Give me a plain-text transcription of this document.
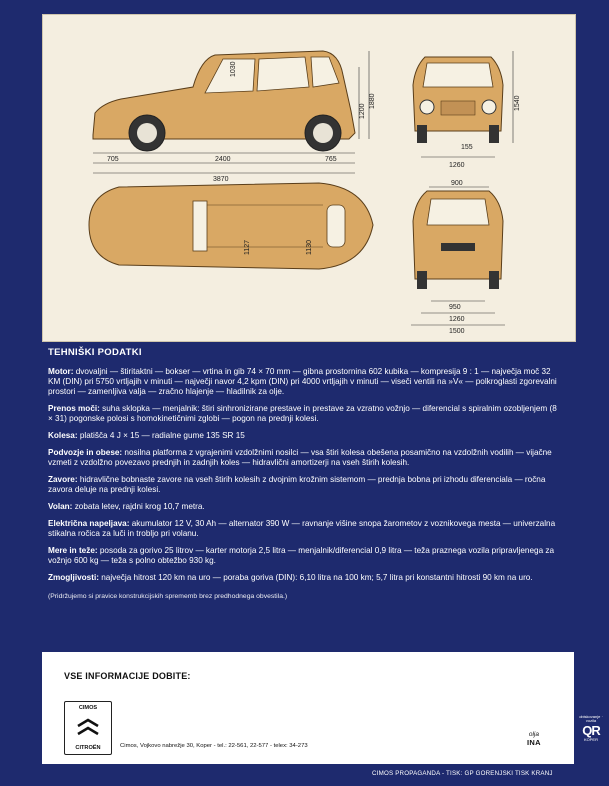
705	2400	765
3870
1030
1880
1200
1540
155
1260
1127	1130
900
950
1260
1500
TEHNIŠKI PODATKI
Motor: dvovaljni — štiritaktni — bokser — vrtina in gib 74 × 70 mm — gibna prostornina 602 kubika — kompresija 9 : 1 — največja moč 32 KM (DIN) pri 5750 vrtljajih v minuti — največji navor 4,2 kpm (DIN) pri 4000 vrtljajih v minuti — viseči ventili na »V« — polkroglasti zgorevalni prostori — zamenljiva valja — zračno hlajenje — hladilnik za olje.
Prenos moči: suha sklopka — menjalnik: štiri sinhronizirane prestave in prestave za vzratno vožnjo — diferencial s spiralnim ozobljenjem (8 × 31) pogonske polosi s homokinetičnimi zglobi — pogon na prednji kolesi.
Kolesa: platišča 4 J × 15 — radialne gume 135 SR 15
Podvozje in obese: nosilna platforma z vgrajenimi vzdolžnimi nosilci — vsa štiri kolesa obešena posamično na vzdolžnih vodilih — vijačne vzmeti z vzdolžno povezavo prednjih in zadnjih koles — hidravlični amortizerji na vseh štirih kolesih.
Zavore: hidravlične bobnaste zavore na vseh štirih kolesih z dvojnim krožnim sistemom — prednja bobna pri izhodu diferenciala — ročna zavora deluje na prednji kolesi.
Volan: zobata letev, rajdni krog 10,7 metra.
Električna napeljava: akumulator 12 V, 30 Ah — alternator 390 W — ravnanje višine snopa žarometov z voznikovega mesta — univerzalna stikalna ročica za luči in trobljo pri volanu.
Mere in teže: posoda za gorivo 25 litrov — karter motorja 2,5 litra — menjalnik/diferencial 0,9 litra — teža praznega vozila pripravljenega za vožnjo 600 kg — teža s polno obtežbo 930 kg.
Zmogljivosti: največja hitrost 120 km na uro — poraba goriva (DIN): 6,10 litra na 100 km; 5,7 litra pri konstantni hitrosti 90 km na uro.
(Pridržujemo si pravice konstrukcijskih sprememb brez predhodnega obvestila.)
VSE INFORMACIJE DOBITE:
CIMOS
CITROËN	Cimos, Vojkovo nabrežje 30, Koper - tel.: 22-561, 22-577 - telex: 34-273
olja
INA
obiskovanje · vozila
QR
KOPER
CIMOS PROPAGANDA - TISK: GP GORENJSKI TISK KRANJ
